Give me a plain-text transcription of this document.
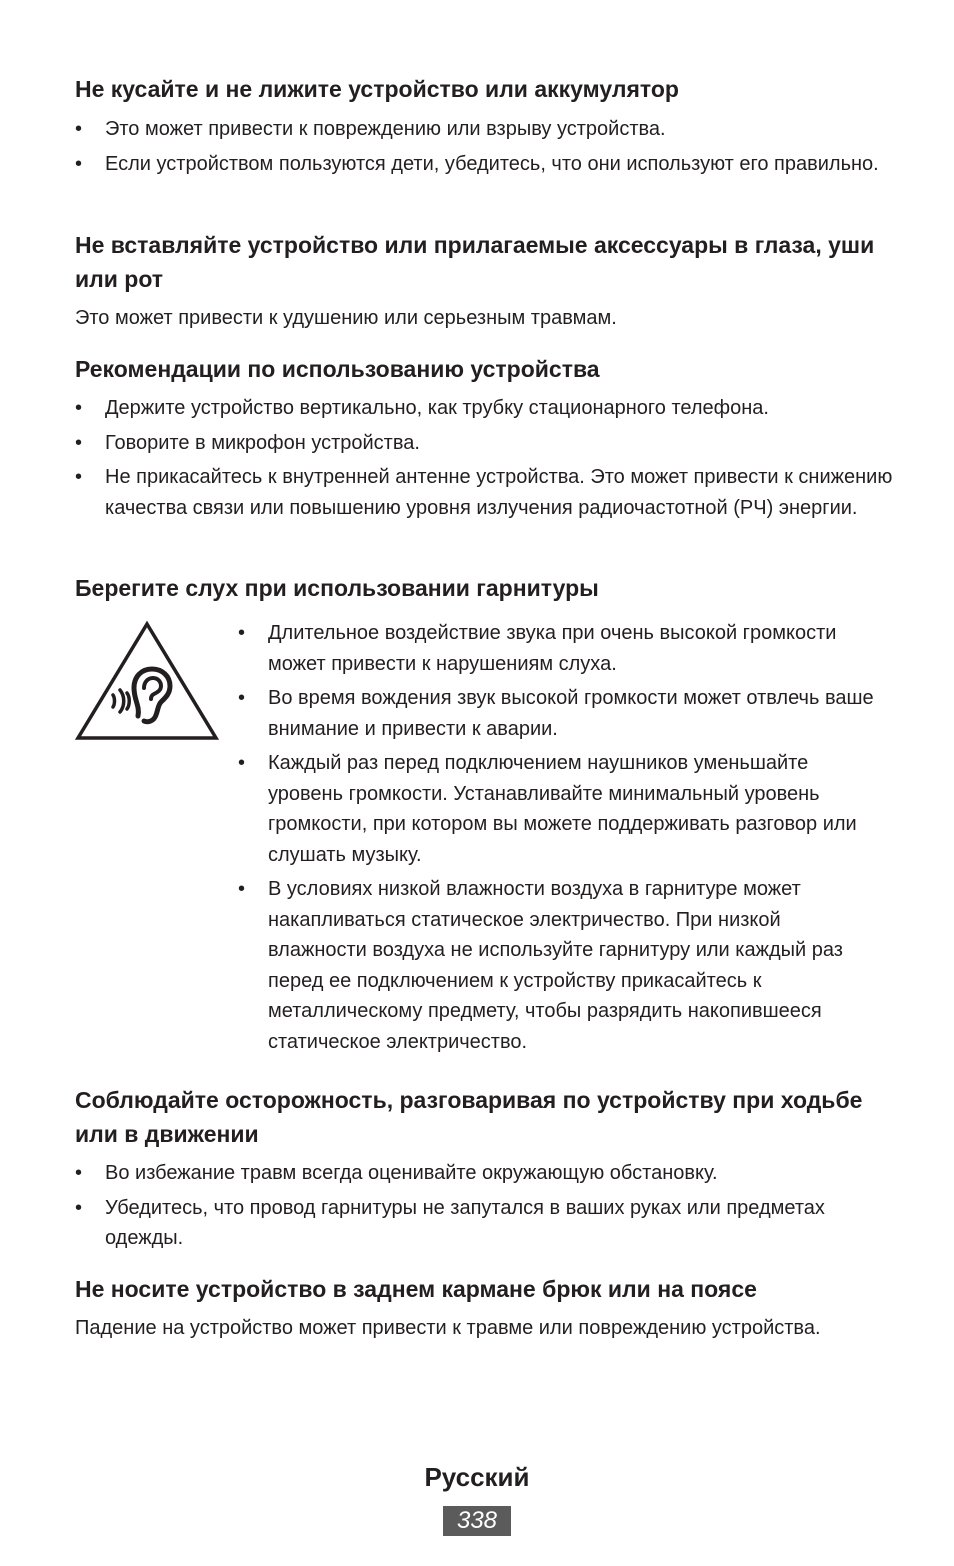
Не кусайте и не лижите устройство или аккумулятор
• Это может привести к повреждению или взрыву устройства.
• Если устройством пользуются дети, убедитесь, что они используют его правильно.
Не вставляйте устройство или прилагаемые аксессуары в глаза, уши или рот

Это может привести к удушению или серьезным травмам.

Рекомендации по использованию устройства
• Держите устройство вертикально, как трубку стационарного телефона.
• Говорите в микрофон устройства.
• Не прикасайтесь к внутренней антенне устройства. Это может привести к снижению качества связи или повышению уровня излучения радиочастотной (РЧ) энергии.
Берегите слух при использовании гарнитуры
• Длительное воздействие звука при очень высокой громкости может привести к нарушениям слуха.
• Во время вождения звук высокой громкости может отвлечь ваше внимание и привести к аварии.
• Каждый раз перед подключением наушников уменьшайте уровень громкости. Устанавливайте минимальный уровень громкости, при котором вы можете поддерживать разговор или слушать музыку.
• В условиях низкой влажности воздуха в гарнитуре может накапливаться статическое электричество. При низкой влажности воздуха не используйте гарнитуру или каждый раз перед ее подключением к устройству прикасайтесь к металлическому предмету, чтобы разрядить накопившееся статическое электричество.
Соблюдайте осторожность, разговаривая по устройству при ходьбе или в движении
• Во избежание травм всегда оценивайте окружающую обстановку.
• Убедитесь, что провод гарнитуры не запутался в ваших руках или предметах одежды.
Не носите устройство в заднем кармане брюк или на поясе

Падение на устройство может привести к травме или повреждению устройства.

Русский
338
